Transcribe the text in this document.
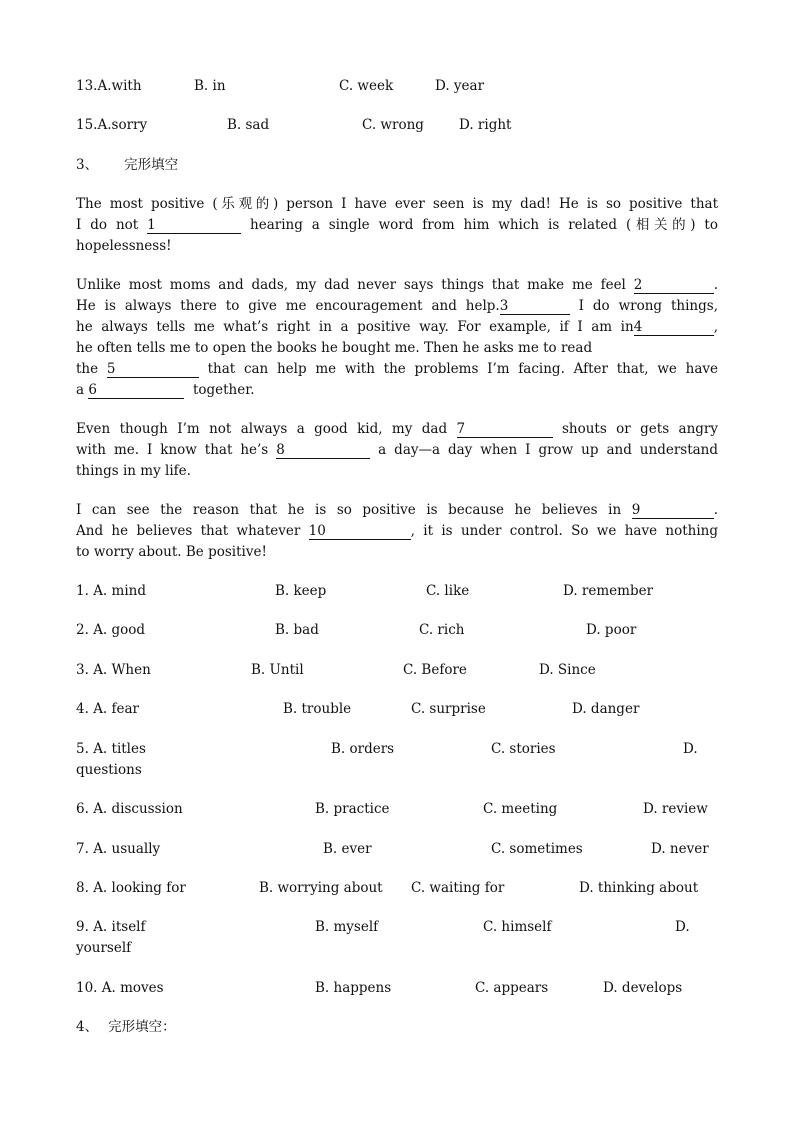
13.A.with	B. in	C. week	D. year
15.A.sorry	B. sad	C. wrong	D. right
3、 完形填空
The most positive (乐观的) person I have ever seen is my dad! He is so positive that
I do not 1	hearing a single word from him which is related (相关的) to
hopelessness!
Unlike most moms and dads, my dad never says things that make me feel 2	.
He is always there to give me encouragement and help.3	I do wrong things,
he always tells me what’s right in a positive way. For example, if I am in4	,
he often tells me to open the books he bought me. Then he asks me to read
the 5	that can help me with the problems I’m facing. After that, we have
a 6	together.
Even though I’m not always a good kid, my dad 7	shouts or gets angry
with me. I know that he’s 8	a day—a day when I grow up and understand
things in my life.
I can see the reason that he is so positive is because he believes in 9	.
And he believes that whatever 10	, it is under control. So we have nothing
to worry about. Be positive!
1. A. mind	B. keep	C. like	D. remember
2. A. good	B. bad	C. rich	D. poor
3. A. When	B. Until	C. Before	D. Since
4. A. fear	B. trouble	C. surprise	D. danger
5. A. titles	B. orders	C. stories	D.
questions
6. A. discussion	B. practice	C. meeting	D. review
7. A. usually	B. ever	C. sometimes	D. never
8. A. looking for	B. worrying about C. waiting for	D. thinking about
9. A. itself	B. myself	C. himself	D.
yourself
10. A. moves	B. happens	C. appears	D. develops
4、 完形填空：
